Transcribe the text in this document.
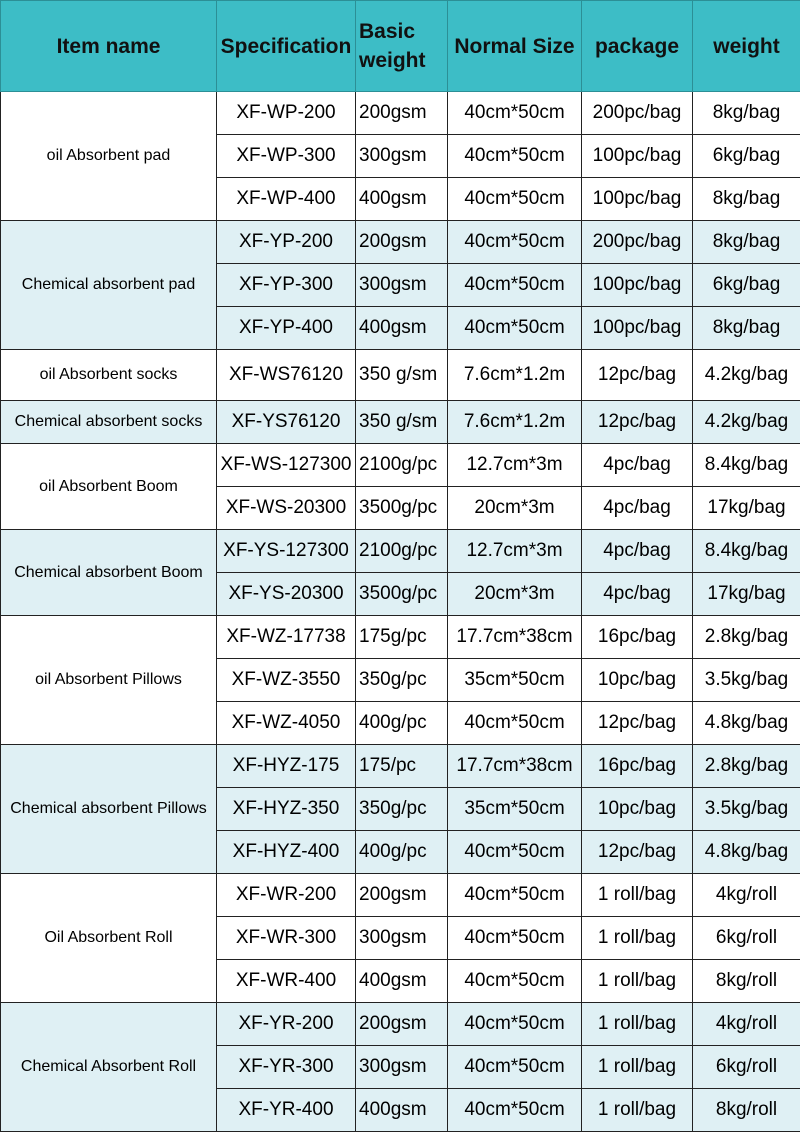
Item name	Specification	Basic weight	Normal Size	package	weight
oil Absorbent pad	XF-WP-200	200gsm	40cm*50cm	200pc/bag	8kg/bag
	XF-WP-300	300gsm	40cm*50cm	100pc/bag	6kg/bag
	XF-WP-400	400gsm	40cm*50cm	100pc/bag	8kg/bag
Chemical absorbent pad	XF-YP-200	200gsm	40cm*50cm	200pc/bag	8kg/bag
	XF-YP-300	300gsm	40cm*50cm	100pc/bag	6kg/bag
	XF-YP-400	400gsm	40cm*50cm	100pc/bag	8kg/bag
oil Absorbent socks	XF-WS76120	350 g/sm	7.6cm*1.2m	12pc/bag	4.2kg/bag
Chemical absorbent socks	XF-YS76120	350 g/sm	7.6cm*1.2m	12pc/bag	4.2kg/bag
oil Absorbent Boom	XF-WS-127300	2100g/pc	12.7cm*3m	4pc/bag	8.4kg/bag
	XF-WS-20300	3500g/pc	20cm*3m	4pc/bag	17kg/bag
Chemical absorbent Boom	XF-YS-127300	2100g/pc	12.7cm*3m	4pc/bag	8.4kg/bag
	XF-YS-20300	3500g/pc	20cm*3m	4pc/bag	17kg/bag
oil Absorbent Pillows	XF-WZ-17738	175g/pc	17.7cm*38cm	16pc/bag	2.8kg/bag
	XF-WZ-3550	350g/pc	35cm*50cm	10pc/bag	3.5kg/bag
	XF-WZ-4050	400g/pc	40cm*50cm	12pc/bag	4.8kg/bag
Chemical absorbent Pillows	XF-HYZ-175	175/pc	17.7cm*38cm	16pc/bag	2.8kg/bag
	XF-HYZ-350	350g/pc	35cm*50cm	10pc/bag	3.5kg/bag
	XF-HYZ-400	400g/pc	40cm*50cm	12pc/bag	4.8kg/bag
Oil Absorbent Roll	XF-WR-200	200gsm	40cm*50cm	1 roll/bag	4kg/roll
	XF-WR-300	300gsm	40cm*50cm	1 roll/bag	6kg/roll
	XF-WR-400	400gsm	40cm*50cm	1 roll/bag	8kg/roll
Chemical Absorbent Roll	XF-YR-200	200gsm	40cm*50cm	1 roll/bag	4kg/roll
	XF-YR-300	300gsm	40cm*50cm	1 roll/bag	6kg/roll
	XF-YR-400	400gsm	40cm*50cm	1 roll/bag	8kg/roll
